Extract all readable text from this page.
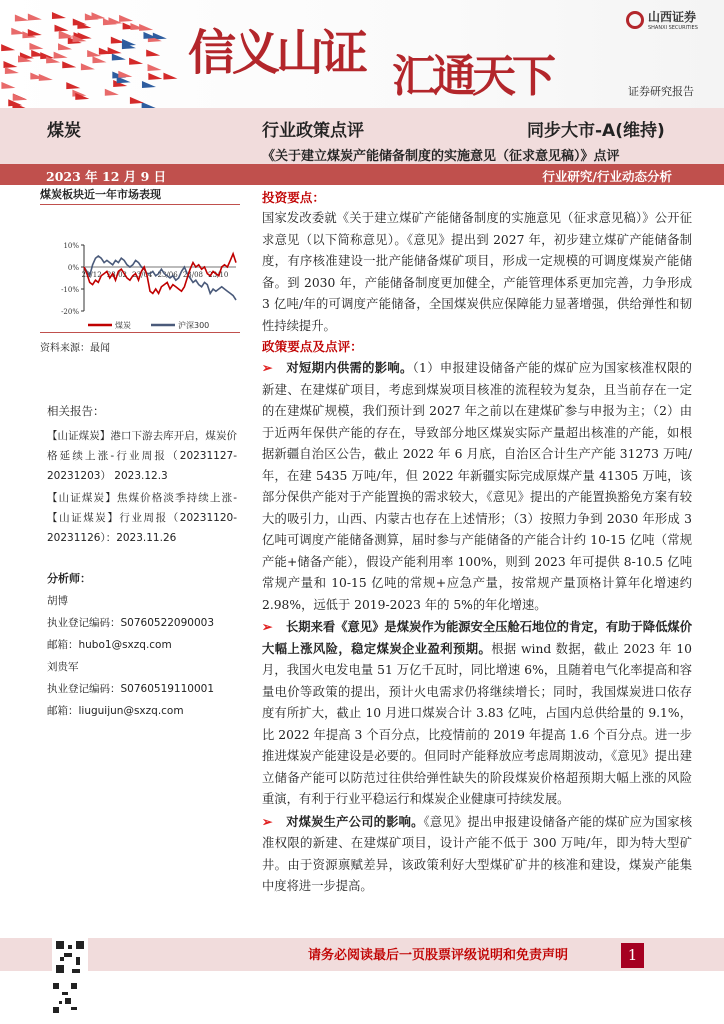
信义山证 汇通天下
山西证券
SHANXI SECURITIES
证券研究报告
煤炭	行业政策点评	同步大市-A(维持)
《关于建立煤炭产能储备制度的实施意见（征求意见稿）》点评
2023 年 12 月 9 日	行业研究/行业动态分析
煤炭板块近一年市场表现
10%
0%
-10%
-20%
22/12 23/02 23/04 23/06 23/08 23/10
煤炭	沪深300
资料来源：最闻
相关报告：

【山证煤炭】港口下游去库开启，煤炭价格延续上涨-行业周报（20231127-20231203） 2023.12.3

【山证煤炭】焦煤价格淡季持续上涨-【山证煤炭】行业周报（20231120-20231126）：2023.11.26

分析师：
胡博
执业登记编码：S0760522090003
邮箱：hubo1@sxzq.com
刘贵军
执业登记编码：S0760519110001
邮箱：liuguijun@sxzq.com
投资要点：

国家发改委就《关于建立煤矿产能储备制度的实施意见（征求意见稿）》公开征求意见（以下简称意见）。《意见》提出到 2027 年，初步建立煤矿产能储备制度，有序核准建设一批产能储备煤矿项目，形成一定规模的可调度煤炭产能储备。到 2030 年，产能储备制度更加健全，产能管理体系更加完善，力争形成 3 亿吨/年的可调度产能储备，全国煤炭供应保障能力显著增强，供给弹性和韧性持续提升。

政策要点及点评：

➢ 对短期内供需的影响。（1）申报建设储备产能的煤矿应为国家核准权限的新建、在建煤矿项目，考虑到煤炭项目核准的流程较为复杂，且当前存在一定的在建煤矿规模，我们预计到 2027 年之前以在建煤矿参与申报为主；（2）由于近两年保供产能的存在，导致部分地区煤炭实际产量超出核准的产能，如根据新疆自治区公告，截止 2022 年 6 月底，自治区合计生产产能 31273 万吨/年，在建 5435 万吨/年，但 2022 年新疆实际完成原煤产量 41305 万吨，该部分保供产能对于产能置换的需求较大，《意见》提出的产能置换豁免方案有较大的吸引力，山西、内蒙古也存在上述情形；（3）按照力争到 2030 年形成 3 亿吨可调度产能储备测算，届时参与产能储备的产能合计约 10-15 亿吨（常规产能+储备产能），假设产能利用率 100%，则到 2023 年可提供 8-10.5 亿吨常规产量和 10-15 亿吨的常规+应急产量，按常规产量顶格计算年化增速约 2.98%，远低于 2019-2023 年的 5%的年化增速。

➢ 长期来看《意见》是煤炭作为能源安全压舱石地位的肯定，有助于降低煤价大幅上涨风险，稳定煤炭企业盈利预期。根据 wind 数据，截止 2023 年 10 月，我国火电发电量 51 万亿千瓦时，同比增速 6%，且随着电气化率提高和容量电价等政策的提出，预计火电需求仍将继续增长；同时，我国煤炭进口依存度有所扩大，截止 10 月进口煤炭合计 3.83 亿吨，占国内总供给量的 9.1%，比 2022 年提高 3 个百分点，比疫情前的 2019 年提高 1.6 个百分点。进一步推进煤炭产能建设是必要的。但同时产能释放应考虑周期波动，《意见》提出建立储备产能可以防范过往供给弹性缺失的阶段煤炭价格超预期大幅上涨的风险重演，有利于行业平稳运行和煤炭企业健康可持续发展。

➢ 对煤炭生产公司的影响。《意见》提出申报建设储备产能的煤矿应为国家核准权限的新建、在建煤矿项目，设计产能不低于 300 万吨/年，即为特大型矿井。由于资源禀赋差异，该政策利好大型煤矿矿井的核准和建设，煤炭产能集中度将进一步提高。

请务必阅读最后一页股票评级说明和免责声明	1
